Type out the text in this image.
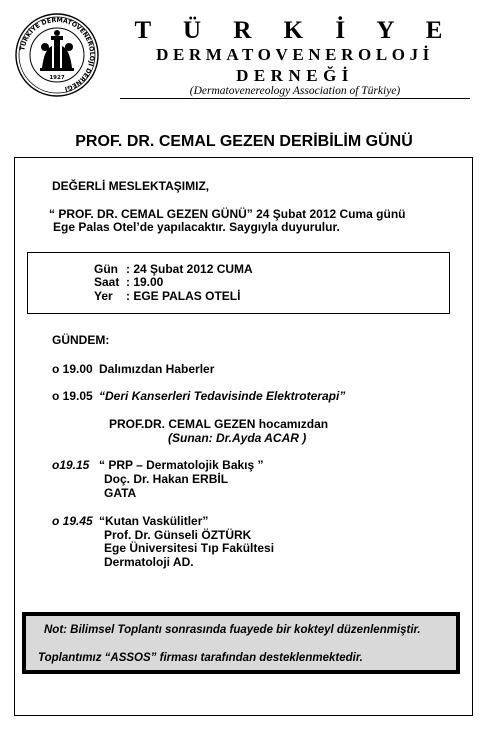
TÜRKİYE DERMATOVENEROLOJİ DERNEĞİ
1927
T Ü R K İ Y E
DERMATOVENEROLOJİ
DERNEĞİ
(Dermatovenereology Association of Türkiye)
PROF. DR. CEMAL GEZEN DERİBİLİM GÜNÜ
DEĞERLİ MESLEKTAŞIMIZ,
“ PROF. DR. CEMAL GEZEN GÜNÜ” 24 Şubat 2012 Cuma günü
Ege Palas Otel’de yapılacaktır. Saygıyla duyurulur.
Gün : 24 Şubat 2012 CUMA
Saat : 19.00
Yer : EGE PALAS OTELİ
GÜNDEM:
o 19.00 Dalımızdan Haberler
o 19.05 “Deri Kanserleri Tedavisinde Elektroterapi”
PROF.DR. CEMAL GEZEN hocamızdan
(Sunan: Dr.Ayda ACAR )
o19.15 “ PRP – Dermatolojik Bakış ”
Doç. Dr. Hakan ERBİL
GATA
o 19.45 “Kutan Vaskülitler”
Prof. Dr. Günseli ÖZTÜRK
Ege Üniversitesi Tıp Fakültesi
Dermatoloji AD.
Not: Bilimsel Toplantı sonrasında fuayede bir kokteyl düzenlenmiştir.
Toplantımız “ASSOS” firması tarafından desteklenmektedir.
